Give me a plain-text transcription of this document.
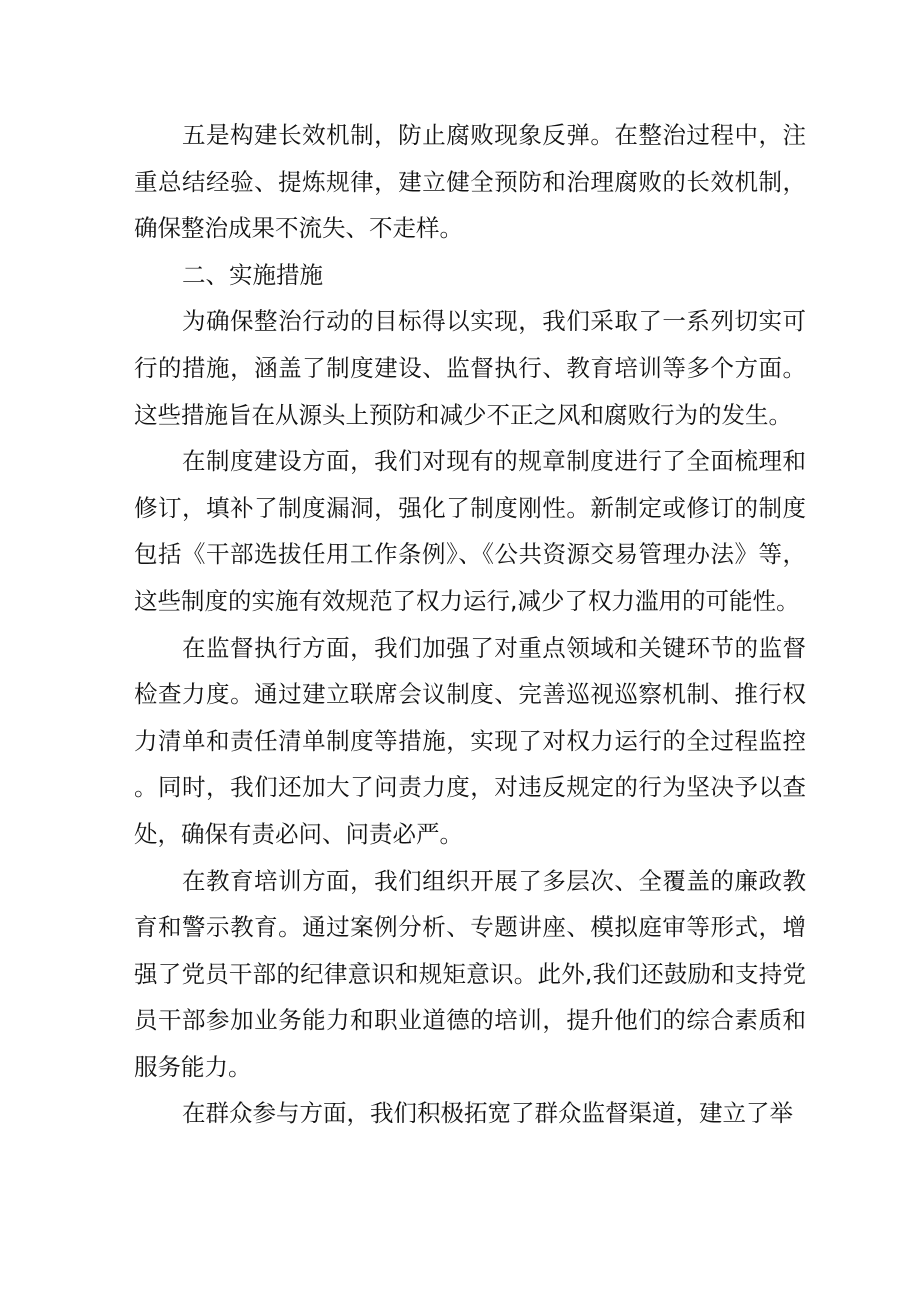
五是构建长效机制，防止腐败现象反弹。在整治过程中，注重总结经验、提炼规律，建立健全预防和治理腐败的长效机制，确保整治成果不流失、不走样。

二、实施措施

为确保整治行动的目标得以实现，我们采取了一系列切实可行的措施，涵盖了制度建设、监督执行、教育培训等多个方面。这些措施旨在从源头上预防和减少不正之风和腐败行为的发生。

在制度建设方面，我们对现有的规章制度进行了全面梳理和修订，填补了制度漏洞，强化了制度刚性。新制定或修订的制度包括《干部选拔任用工作条例》、《公共资源交易管理办法》等，这些制度的实施有效规范了权力运行,减少了权力滥用的可能性。

在监督执行方面，我们加强了对重点领域和关键环节的监督检查力度。通过建立联席会议制度、完善巡视巡察机制、推行权力清单和责任清单制度等措施，实现了对权力运行的全过程监控。同时，我们还加大了问责力度，对违反规定的行为坚决予以查处，确保有责必问、问责必严。

在教育培训方面，我们组织开展了多层次、全覆盖的廉政教育和警示教育。通过案例分析、专题讲座、模拟庭审等形式，增强了党员干部的纪律意识和规矩意识。此外,我们还鼓励和支持党员干部参加业务能力和职业道德的培训，提升他们的综合素质和服务能力。

在群众参与方面，我们积极拓宽了群众监督渠道，建立了举
